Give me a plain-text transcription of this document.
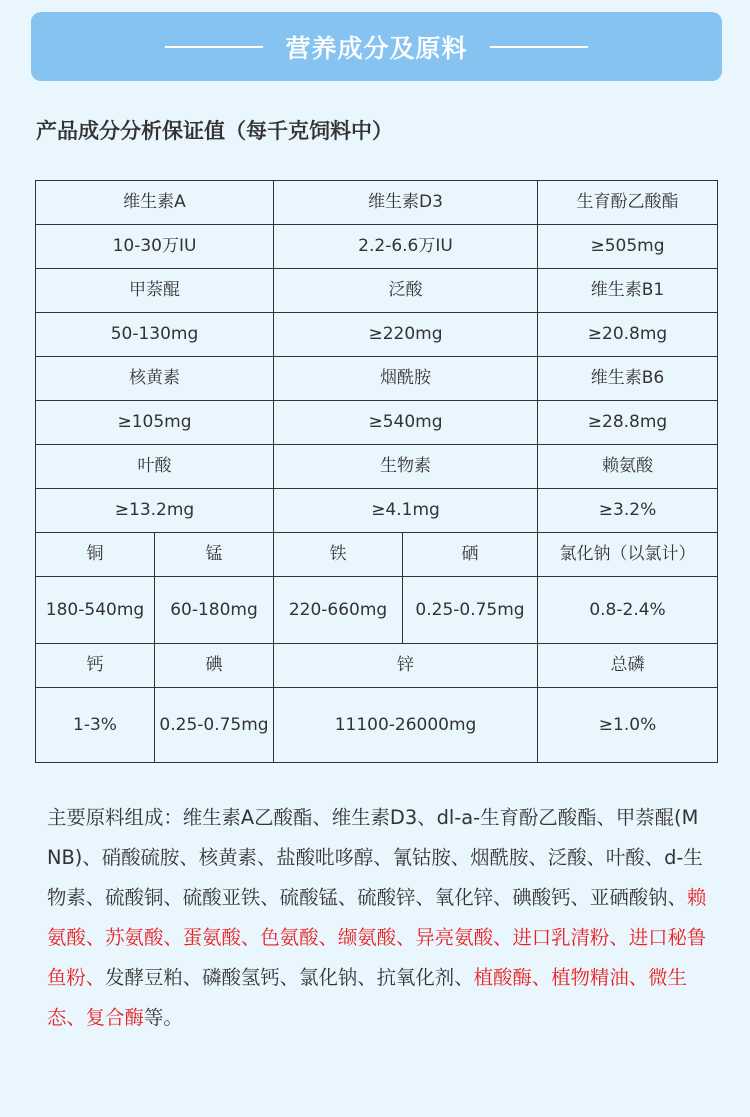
营养成分及原料
产品成分分析保证值（每千克饲料中）
维生素A		维生素D3		生育酚乙酸酯
10-30万IU		2.2-6.6万IU		≥505mg
甲萘醌		泛酸		维生素B1
50-130mg		≥220mg		≥20.8mg
核黄素		烟酰胺		维生素B6
≥105mg		≥540mg		≥28.8mg
叶酸		生物素		赖氨酸
≥13.2mg		≥4.1mg		≥3.2%
铜	锰	铁	硒	氯化钠（以氯计）
180-540mg	60-180mg	220-660mg	0.25-0.75mg	0.8-2.4%
钙	碘	锌		总磷
1-3%	0.25-0.75mg	11100-26000mg		≥1.0%
主要原料组成：维生素A乙酸酯、维生素D3、dl-a-生育酚乙酸酯、甲萘醌(MNB)、硝酸硫胺、核黄素、盐酸吡哆醇、氰钴胺、烟酰胺、泛酸、叶酸、d-生物素、硫酸铜、硫酸亚铁、硫酸锰、硫酸锌、氧化锌、碘酸钙、亚硒酸钠、赖氨酸、苏氨酸、蛋氨酸、色氨酸、缬氨酸、异亮氨酸、进口乳清粉、进口秘鲁鱼粉、发酵豆粕、磷酸氢钙、氯化钠、抗氧化剂、植酸酶、植物精油、微生态、复合酶等。
